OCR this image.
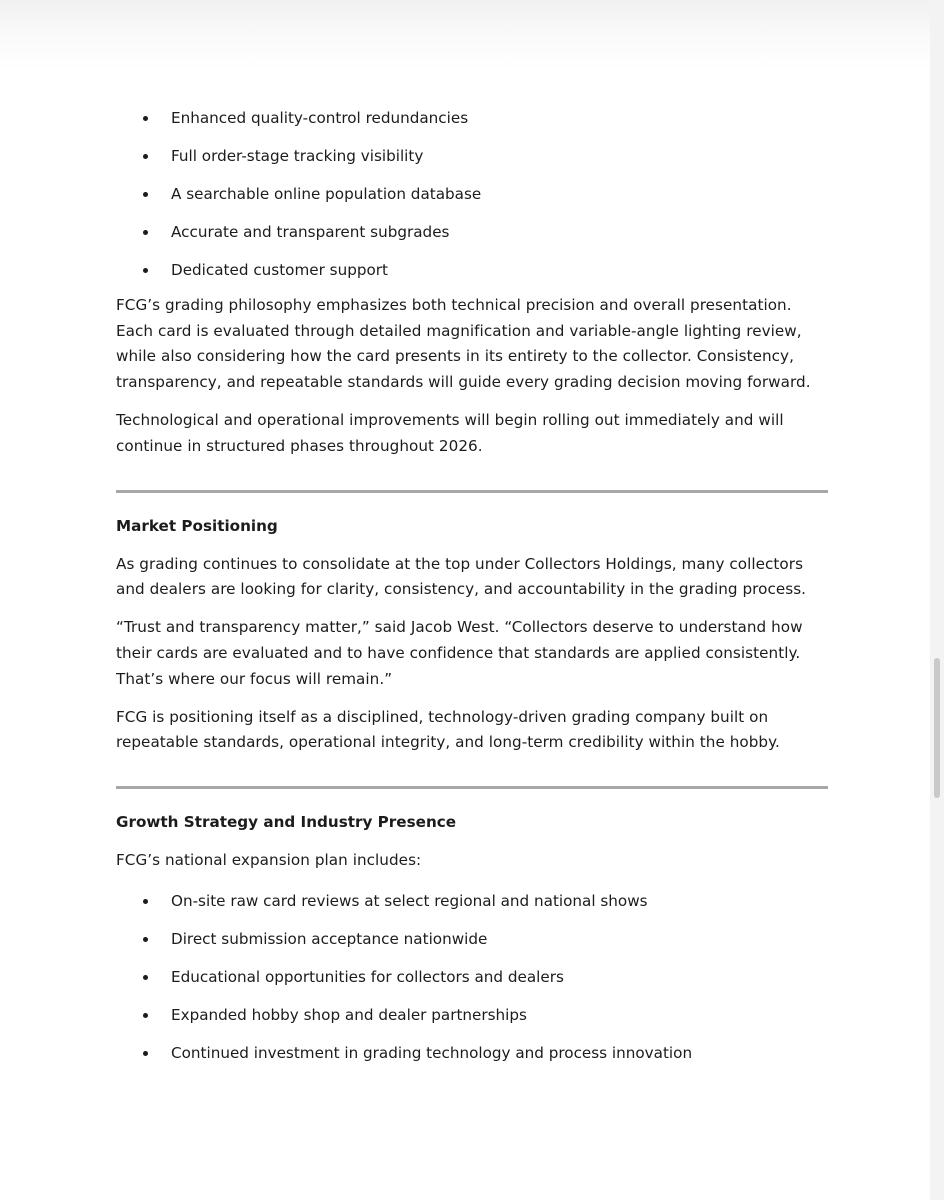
Enhanced quality-control redundancies
Full order-stage tracking visibility
A searchable online population database
Accurate and transparent subgrades
Dedicated customer support

FCG’s grading philosophy emphasizes both technical precision and overall presentation. Each card is evaluated through detailed magnification and variable-angle lighting review, while also considering how the card presents in its entirety to the collector. Consistency, transparency, and repeatable standards will guide every grading decision moving forward.

Technological and operational improvements will begin rolling out immediately and will continue in structured phases throughout 2026.

Market Positioning

As grading continues to consolidate at the top under Collectors Holdings, many collectors and dealers are looking for clarity, consistency, and accountability in the grading process.

“Trust and transparency matter,” said Jacob West. “Collectors deserve to understand how their cards are evaluated and to have confidence that standards are applied consistently. That’s where our focus will remain.”

FCG is positioning itself as a disciplined, technology-driven grading company built on repeatable standards, operational integrity, and long-term credibility within the hobby.

Growth Strategy and Industry Presence

FCG’s national expansion plan includes:

On-site raw card reviews at select regional and national shows
Direct submission acceptance nationwide
Educational opportunities for collectors and dealers
Expanded hobby shop and dealer partnerships
Continued investment in grading technology and process innovation
